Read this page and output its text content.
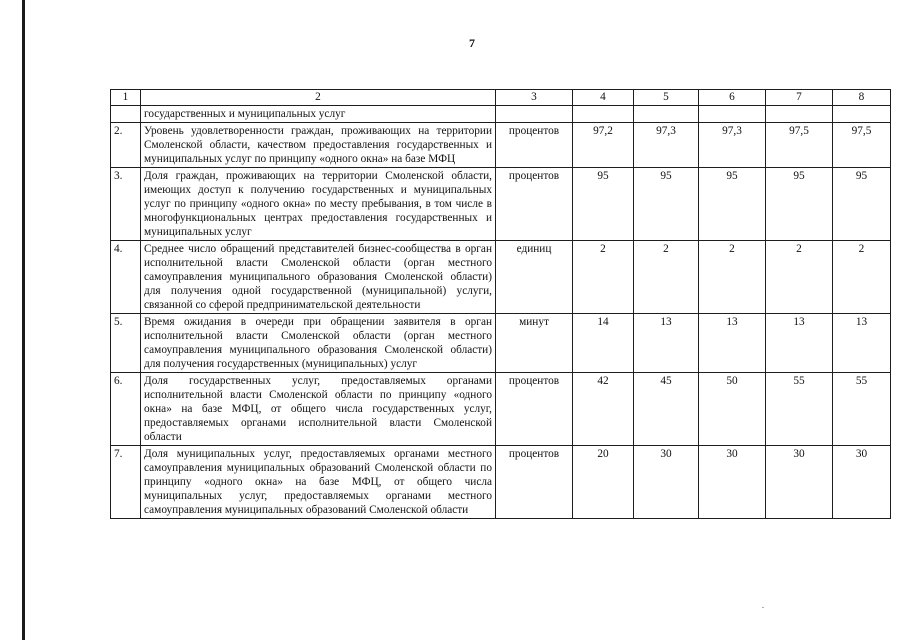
7
1	2	3	4	5	6	7	8
	государственных и муниципальных услуг						
2.	Уровень удовлетворенности граждан, проживающих на территории Смоленской области, качеством предоставления государственных и муниципальных услуг по принципу «одного окна» на базе МФЦ	процентов	97,2	97,3	97,3	97,5	97,5
3.	Доля граждан, проживающих на территории Смоленской области, имеющих доступ к получению государственных и муниципальных услуг по принципу «одного окна» по месту пребывания, в том числе в многофункциональных центрах предоставления государственных и муниципальных услуг	процентов	95	95	95	95	95
4.	Среднее число обращений представителей бизнес-сообщества в орган исполнительной власти Смоленской области (орган местного самоуправления муниципального образования Смоленской области) для получения одной государственной (муниципальной) услуги, связанной со сферой предпринимательской деятельности	единиц	2	2	2	2	2
5.	Время ожидания в очереди при обращении заявителя в орган исполнительной власти Смоленской области (орган местного самоуправления муниципального образования Смоленской области) для получения государственных (муниципальных) услуг	минут	14	13	13	13	13
6.	Доля государственных услуг, предоставляемых органами исполнительной власти Смоленской области по принципу «одного окна» на базе МФЦ, от общего числа государственных услуг, предоставляемых органами исполнительной власти Смоленской области	процентов	42	45	50	55	55
7.	Доля муниципальных услуг, предоставляемых органами местного самоуправления муниципальных образований Смоленской области по принципу «одного окна» на базе МФЦ, от общего числа муниципальных услуг, предоставляемых органами местного самоуправления муниципальных образований Смоленской области	процентов	20	30	30	30	30
